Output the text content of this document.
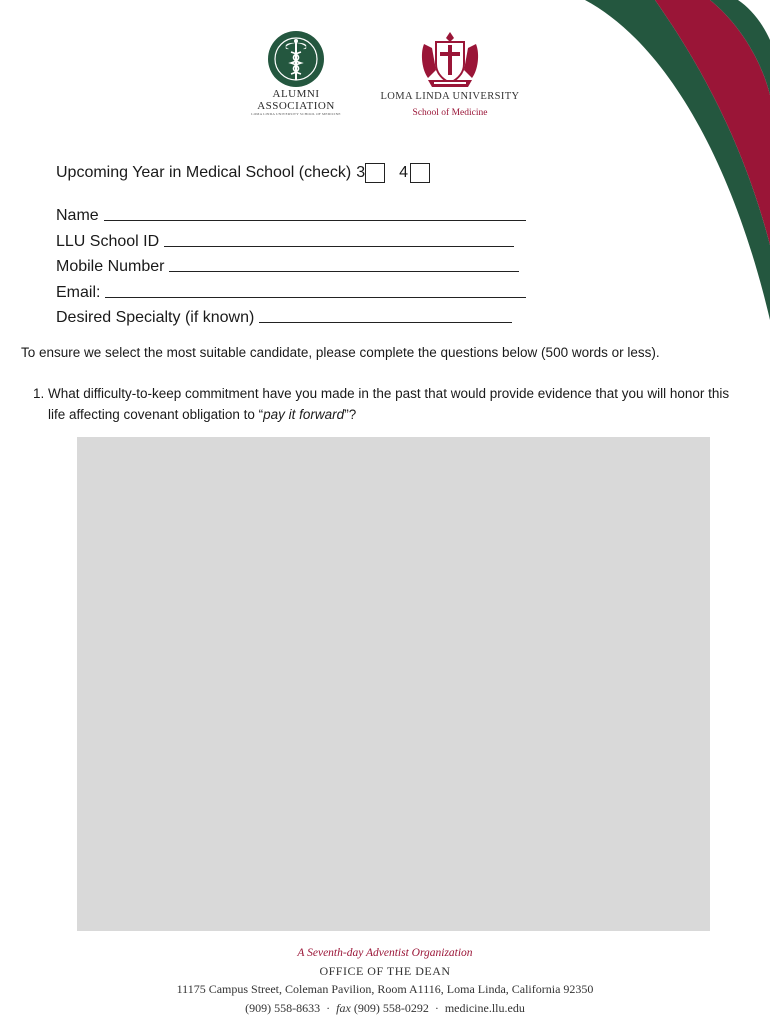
ALUMNI
ASSOCIATION
LOMA LINDA UNIVERSITY SCHOOL OF MEDICINE
LOMA LINDA UNIVERSITY
School of Medicine
Upcoming Year in Medical School (check) 3 4
Name
LLU School ID
Mobile Number
Email:
Desired Specialty (if known)
To ensure we select the most suitable candidate, please complete the questions below (500 words or less).
1. What difficulty-to-keep commitment have you made in the past that would provide evidence that you will honor this life affecting covenant obligation to “pay it forward”?
A Seventh-day Adventist Organization
OFFICE OF THE DEAN
11175 Campus Street, Coleman Pavilion, Room A1116, Loma Linda, California 92350
(909) 558-8633 · fax (909) 558-0292 · medicine.llu.edu
